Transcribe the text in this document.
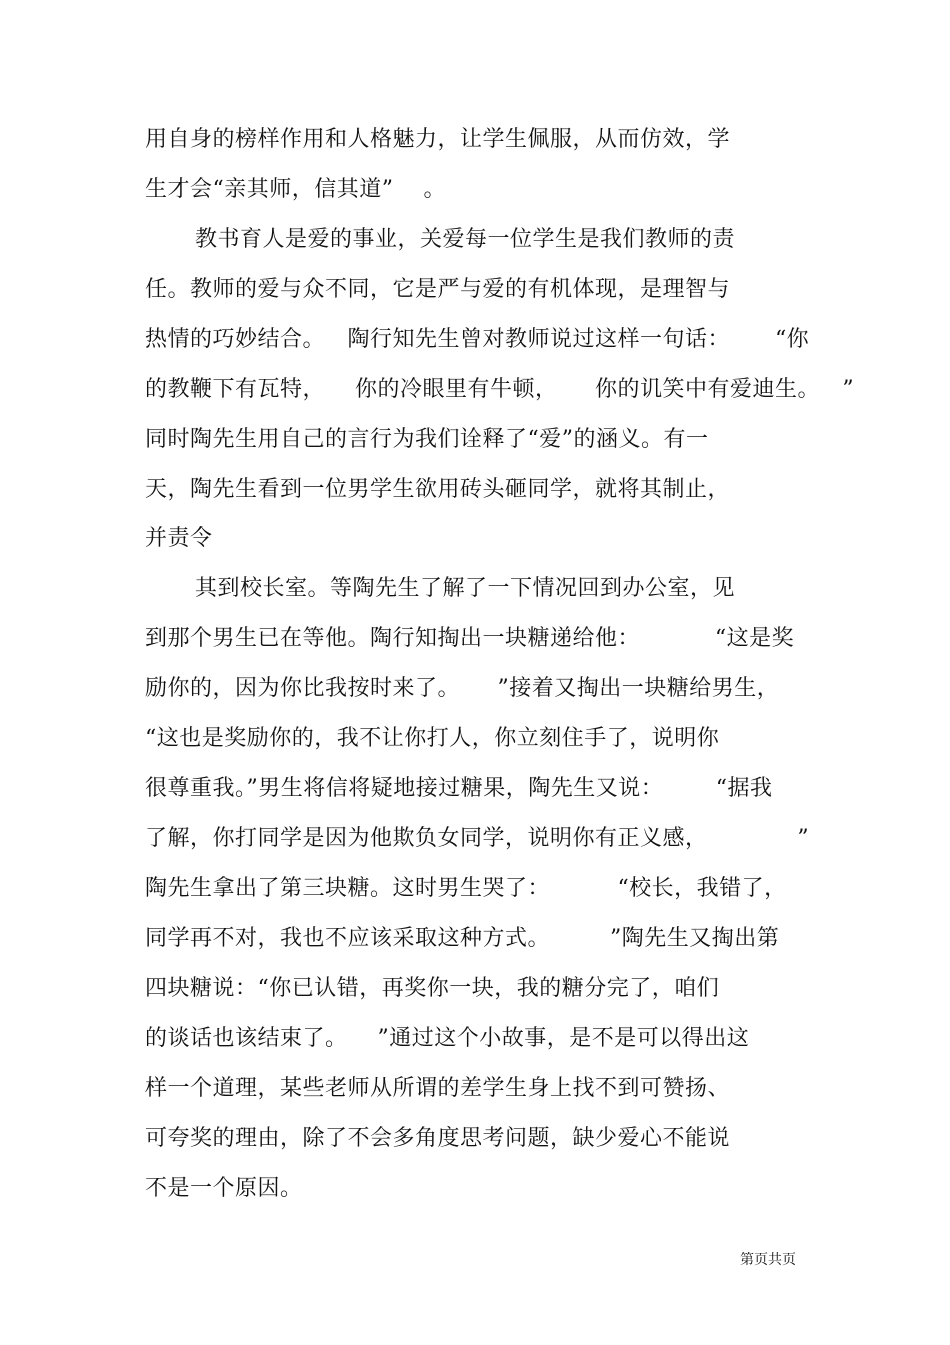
用自身的榜样作用和人格魅力，让学生佩服，从而仿效，学
生才会“亲其师，信其道”    。
教书育人是爱的事业，关爱每一位学生是我们教师的责
任。教师的爱与众不同，它是严与爱的有机体现，是理智与
热情的巧妙结合。   陶行知先生曾对教师说过这样一句话：      “你
的教鞭下有瓦特，    你的冷眼里有牛顿，     你的讥笑中有爱迪生。   ”
同时陶先生用自己的言行为我们诠释了“爱”的涵义。有一
天，陶先生看到一位男学生欲用砖头砸同学，就将其制止，
并责令
其到校长室。等陶先生了解了一下情况回到办公室，见
到那个男生已在等他。陶行知掏出一块糖递给他：          “这是奖
励你的，因为你比我按时来了。     ”接着又掏出一块糖给男生，
“这也是奖励你的，我不让你打人，你立刻住手了，说明你
很尊重我。”男生将信将疑地接过糖果，陶先生又说：       “据我
了解，你打同学是因为他欺负女同学，说明你有正义感，            ”
陶先生拿出了第三块糖。这时男生哭了：         “校长，我错了，
同学再不对，我也不应该采取这种方式。        ”陶先生又掏出第
四块糖说：“你已认错，再奖你一块，我的糖分完了，咱们
的谈话也该结束了。    ”通过这个小故事，是不是可以得出这
样一个道理，某些老师从所谓的差学生身上找不到可赞扬、
可夸奖的理由，除了不会多角度思考问题，缺少爱心不能说
不是一个原因。
第页共页
